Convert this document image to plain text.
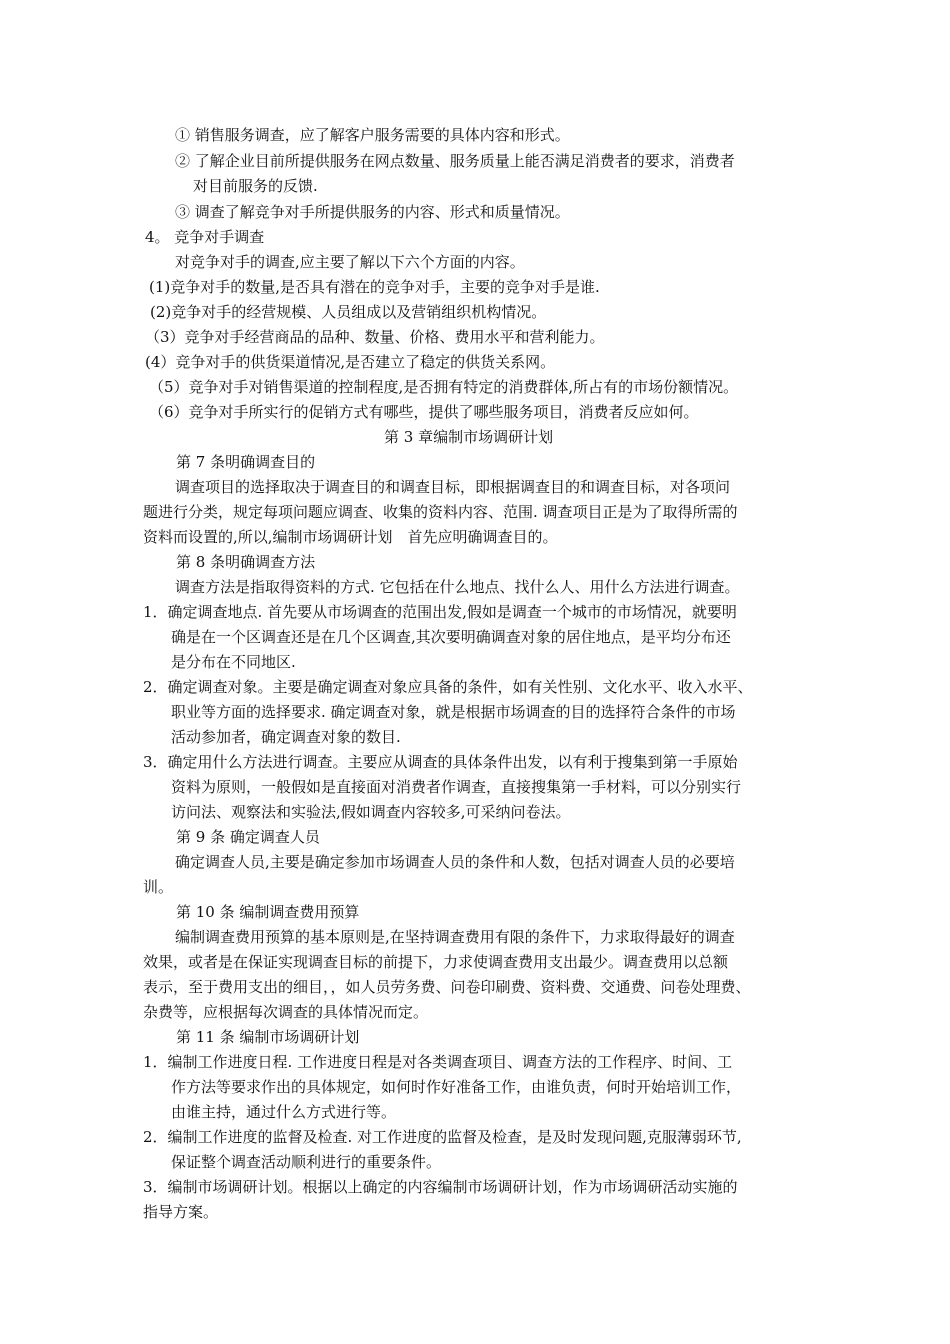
① 销售服务调查，应了解客户服务需要的具体内容和形式。
② 了解企业目前所提供服务在网点数量、服务质量上能否满足消费者的要求，消费者
对目前服务的反馈.
③ 调查了解竞争对手所提供服务的内容、形式和质量情况。
4。 竞争对手调查
对竞争对手的调查,应主要了解以下六个方面的内容。
(1)竞争对手的数量,是否具有潜在的竞争对手，主要的竞争对手是谁.
(2)竞争对手的经营规模、人员组成以及营销组织机构情况。
（3）竞争对手经营商品的品种、数量、价格、费用水平和营利能力。
(4）竞争对手的供货渠道情况,是否建立了稳定的供货关系网。
（5）竞争对手对销售渠道的控制程度,是否拥有特定的消费群体,所占有的市场份额情况。
（6）竞争对手所实行的促销方式有哪些，提供了哪些服务项目，消费者反应如何。
第 3 章编制市场调研计划
第 7 条明确调查目的
调查项目的选择取决于调查目的和调查目标，即根据调查目的和调查目标，对各项问
题进行分类，规定每项问题应调查、收集的资料内容、范围. 调查项目正是为了取得所需的
资料而设置的,所以,编制市场调研计划　首先应明确调查目的。
第 8 条明确调查方法
调查方法是指取得资料的方式. 它包括在什么地点、找什么人、用什么方法进行调查。
1．确定调查地点. 首先要从市场调查的范围出发,假如是调查一个城市的市场情况，就要明
确是在一个区调查还是在几个区调查,其次要明确调查对象的居住地点，是平均分布还
是分布在不同地区.
2．确定调查对象。主要是确定调查对象应具备的条件，如有关性别、文化水平、收入水平、
职业等方面的选择要求. 确定调查对象，就是根据市场调查的目的选择符合条件的市场
活动参加者，确定调查对象的数目.
3．确定用什么方法进行调查。主要应从调查的具体条件出发，以有利于搜集到第一手原始
资料为原则，一般假如是直接面对消费者作调查，直接搜集第一手材料，可以分别实行
访问法、观察法和实验法,假如调查内容较多,可采纳问卷法。
第 9 条 确定调查人员
确定调查人员,主要是确定参加市场调查人员的条件和人数，包括对调查人员的必要培
训。
第 10 条 编制调查费用预算
编制调查费用预算的基本原则是,在坚持调查费用有限的条件下，力求取得最好的调查
效果，或者是在保证实现调查目标的前提下，力求使调查费用支出最少。调查费用以总额
表示，至于费用支出的细目，，如人员劳务费、问卷印刷费、资料费、交通费、问卷处理费、
杂费等，应根据每次调查的具体情况而定。
第 11 条 编制市场调研计划
1．编制工作进度日程. 工作进度日程是对各类调查项目、调查方法的工作程序、时间、工
作方法等要求作出的具体规定，如何时作好准备工作，由谁负责，何时开始培训工作，
由谁主持，通过什么方式进行等。
2．编制工作进度的监督及检查. 对工作进度的监督及检查，是及时发现问题,克服薄弱环节,
保证整个调查活动顺利进行的重要条件。
3．编制市场调研计划。根据以上确定的内容编制市场调研计划，作为市场调研活动实施的
指导方案。
